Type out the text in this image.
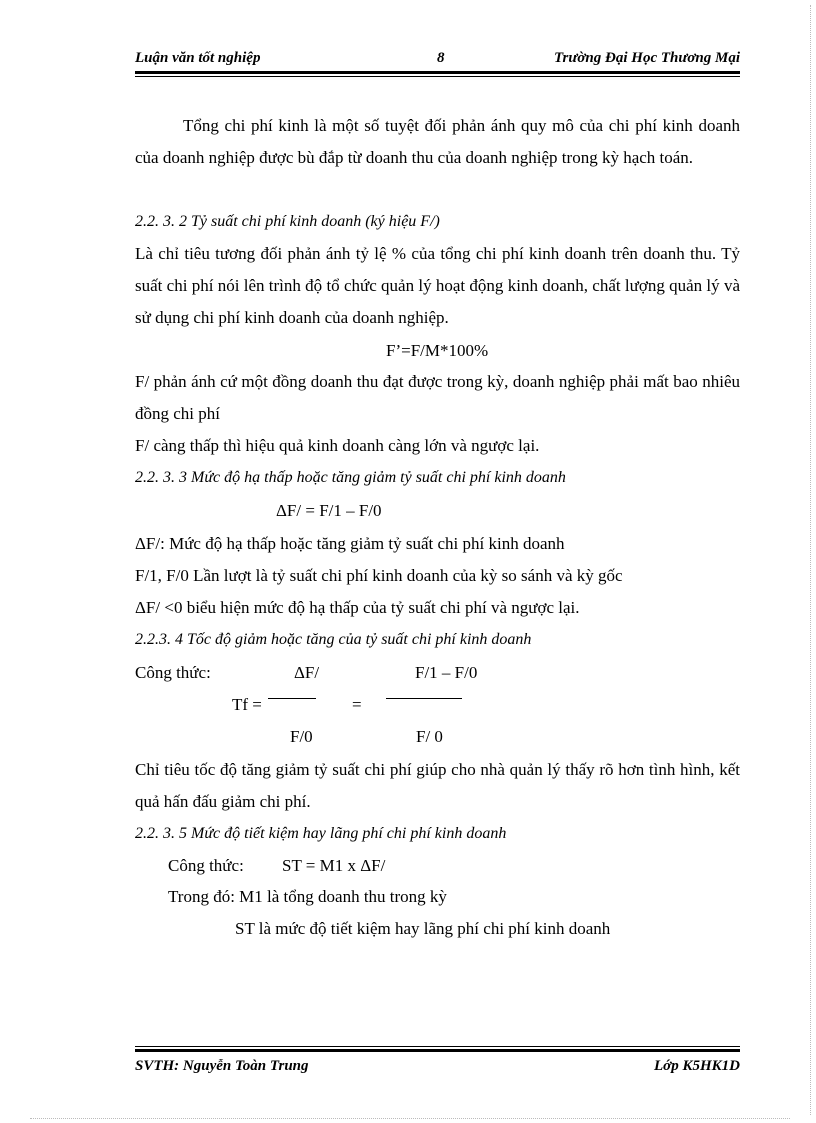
Luận văn tốt nghiệp	8	Trường Đại Học Thương Mại

Tổng chi phí kinh là một số tuyệt đối phản ánh quy mô của chi phí kinh doanh của doanh nghiệp được bù đắp từ doanh thu của doanh nghiệp trong kỳ hạch toán.

2.2. 3. 2 Tỷ suất chi phí kinh doanh (ký hiệu F/)

Là chỉ tiêu tương đối phản ánh tỷ lệ % của tổng chi phí kinh doanh trên doanh thu. Tỷ suất chi phí nói lên trình độ tổ chức quản lý hoạt động kinh doanh, chất lượng quản lý và sử dụng chi phí kinh doanh của doanh nghiệp.

F’=F/M*100%

F/ phản ánh cứ một đồng doanh thu đạt được trong kỳ, doanh nghiệp phải mất bao nhiêu đồng chi phí

F/ càng thấp thì hiệu quả kinh doanh càng lớn và ngược lại.

2.2. 3. 3 Mức độ hạ thấp hoặc tăng giảm tỷ suất chi phí kinh doanh

ΔF/ = F/1 – F/0

ΔF/: Mức độ hạ thấp hoặc tăng giảm tỷ suất chi phí kinh doanh

F/1, F/0 Lần lượt là tỷ suất chi phí kinh doanh của kỳ so sánh và kỳ gốc

ΔF/ <0 biểu hiện mức độ hạ thấp của tỷ suất chi phí và ngược lại.

2.2.3. 4 Tốc độ giảm hoặc tăng của tỷ suất chi phí kinh doanh

Công thức:	ΔF/	F/1 – F/0
Tf =	=
F/0	F/ 0

Chỉ tiêu tốc độ tăng giảm tỷ suất chi phí giúp cho nhà quản lý thấy rõ hơn tình hình, kết quả hấn đấu giảm chi phí.

2.2. 3. 5 Mức độ tiết kiệm hay lãng phí chi phí kinh doanh

Công thức: ST = M1 x ΔF/
Trong đó: M1 là tổng doanh thu trong kỳ
ST là mức độ tiết kiệm hay lãng phí chi phí kinh doanh
SVTH: Nguyễn Toàn Trung	Lớp K5HK1D
